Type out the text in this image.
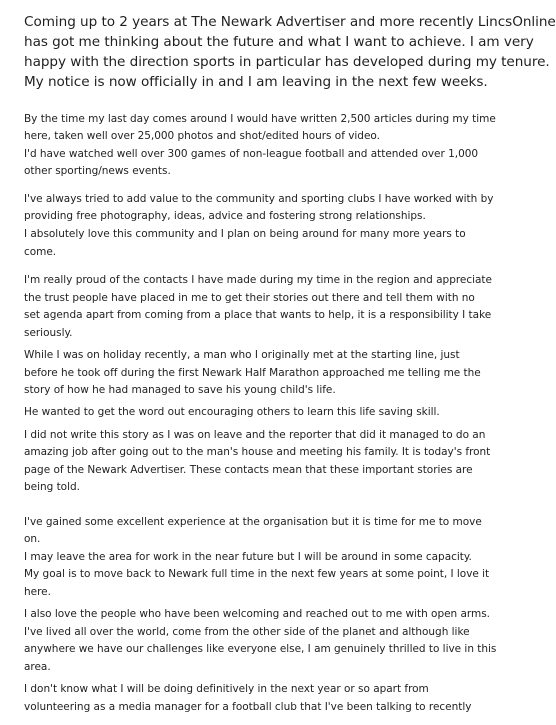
Coming up to 2 years at The Newark Advertiser and more recently LincsOnline
has got me thinking about the future and what I want to achieve. I am very
happy with the direction sports in particular has developed during my tenure.
My notice is now officially in and I am leaving in the next few weeks.
By the time my last day comes around I would have written 2,500 articles during my time
here, taken well over 25,000 photos and shot/edited hours of video.
I'd have watched well over 300 games of non-league football and attended over 1,000
other sporting/news events.
I've always tried to add value to the community and sporting clubs I have worked with by
providing free photography, ideas, advice and fostering strong relationships.
I absolutely love this community and I plan on being around for many more years to
come.
I'm really proud of the contacts I have made during my time in the region and appreciate
the trust people have placed in me to get their stories out there and tell them with no
set agenda apart from coming from a place that wants to help, it is a responsibility I take
seriously.
While I was on holiday recently, a man who I originally met at the starting line, just
before he took off during the first Newark Half Marathon approached me telling me the
story of how he had managed to save his young child's life.
He wanted to get the word out encouraging others to learn this life saving skill.
I did not write this story as I was on leave and the reporter that did it managed to do an
amazing job after going out to the man's house and meeting his family. It is today's front
page of the Newark Advertiser. These contacts mean that these important stories are
being told.
I've gained some excellent experience at the organisation but it is time for me to move
on.
I may leave the area for work in the near future but I will be around in some capacity.
My goal is to move back to Newark full time in the next few years at some point, I love it
here.
I also love the people who have been welcoming and reached out to me with open arms.
I've lived all over the world, come from the other side of the planet and although like
anywhere we have our challenges like everyone else, I am genuinely thrilled to live in this
area.
I don't know what I will be doing definitively in the next year or so apart from
volunteering as a media manager for a football club that I've been talking to recently
